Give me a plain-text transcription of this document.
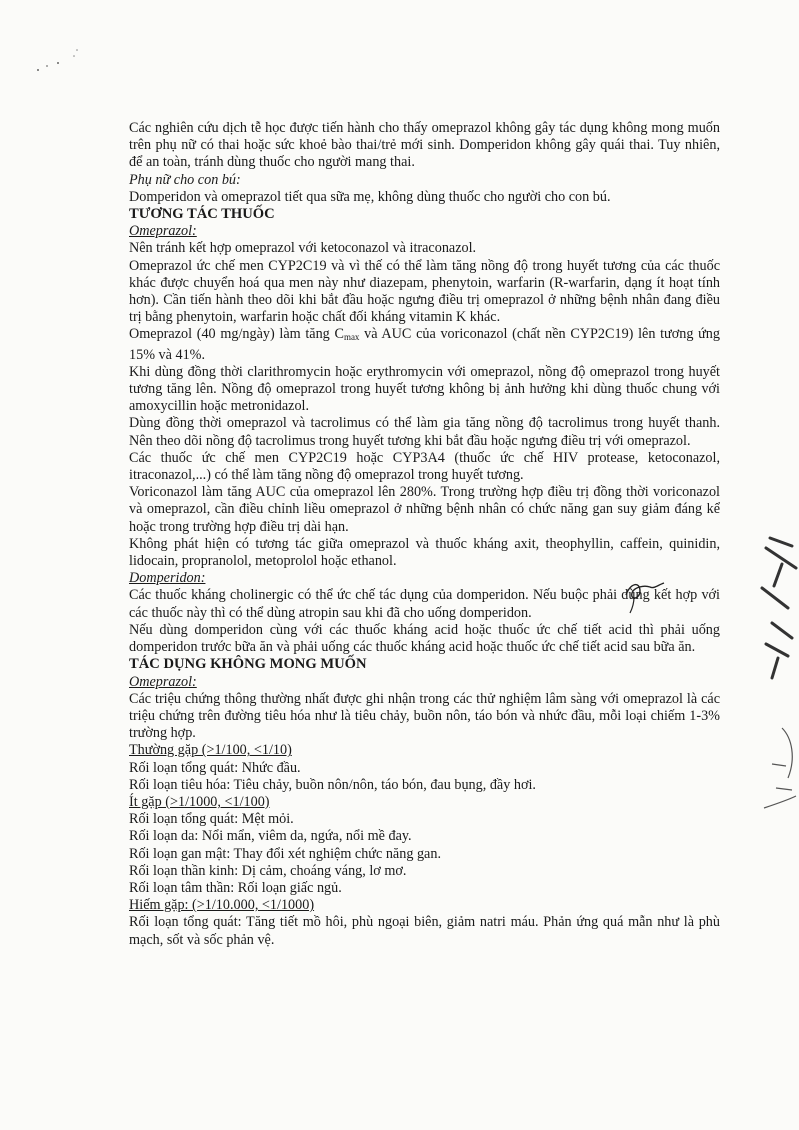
Các nghiên cứu dịch tễ học được tiến hành cho thấy omeprazol không gây tác dụng không mong muốn trên phụ nữ có thai hoặc sức khoẻ bào thai/trẻ mới sinh. Domperidon không gây quái thai. Tuy nhiên, để an toàn, tránh dùng thuốc cho người mang thai.

Phụ nữ cho con bú:

Domperidon và omeprazol tiết qua sữa mẹ, không dùng thuốc cho người cho con bú.

TƯƠNG TÁC THUỐC

Omeprazol:

Nên tránh kết hợp omeprazol với ketoconazol và itraconazol.

Omeprazol ức chế men CYP2C19 và vì thế có thể làm tăng nồng độ trong huyết tương của các thuốc khác được chuyển hoá qua men này như diazepam, phenytoin, warfarin (R-warfarin, dạng ít hoạt tính hơn). Cần tiến hành theo dõi khi bắt đầu hoặc ngưng điều trị omeprazol ở những bệnh nhân đang điều trị bằng phenytoin, warfarin hoặc chất đối kháng vitamin K khác.

Omeprazol (40 mg/ngày) làm tăng Cmax và AUC của voriconazol (chất nền CYP2C19) lên tương ứng 15% và 41%.

Khi dùng đồng thời clarithromycin hoặc erythromycin với omeprazol, nồng độ omeprazol trong huyết tương tăng lên. Nồng độ omeprazol trong huyết tương không bị ảnh hưởng khi dùng thuốc chung với amoxycillin hoặc metronidazol.

Dùng đồng thời omeprazol và tacrolimus có thể làm gia tăng nồng độ tacrolimus trong huyết thanh. Nên theo dõi nồng độ tacrolimus trong huyết tương khi bắt đầu hoặc ngưng điều trị với omeprazol.

Các thuốc ức chế men CYP2C19 hoặc CYP3A4 (thuốc ức chế HIV protease, ketoconazol, itraconazol,...) có thể làm tăng nồng độ omeprazol trong huyết tương.

Voriconazol làm tăng AUC của omeprazol lên 280%. Trong trường hợp điều trị đồng thời voriconazol và omeprazol, cần điều chỉnh liều omeprazol ở những bệnh nhân có chức năng gan suy giảm đáng kể hoặc trong trường hợp điều trị dài hạn.

Không phát hiện có tương tác giữa omeprazol và thuốc kháng axit, theophyllin, caffein, quinidin, lidocain, propranolol, metoprolol hoặc ethanol.

Domperidon:

Các thuốc kháng cholinergic có thể ức chế tác dụng của domperidon. Nếu buộc phải dùng kết hợp với các thuốc này thì có thể dùng atropin sau khi đã cho uống domperidon.

Nếu dùng domperidon cùng với các thuốc kháng acid hoặc thuốc ức chế tiết acid thì phải uống domperidon trước bữa ăn và phải uống các thuốc kháng acid hoặc thuốc ức chế tiết acid sau bữa ăn.

TÁC DỤNG KHÔNG MONG MUỐN

Omeprazol:

Các triệu chứng thông thường nhất được ghi nhận trong các thử nghiệm lâm sàng với omeprazol là các triệu chứng trên đường tiêu hóa như là tiêu chảy, buồn nôn, táo bón và nhức đầu, mỗi loại chiếm 1-3% trường hợp.

Thường gặp (>1/100, <1/10)

Rối loạn tổng quát: Nhức đầu.

Rối loạn tiêu hóa: Tiêu chảy, buồn nôn/nôn, táo bón, đau bụng, đầy hơi.

Ít gặp (>1/1000, <1/100)

Rối loạn tổng quát: Mệt mỏi.

Rối loạn da: Nổi mẩn, viêm da, ngứa, nổi mề đay.

Rối loạn gan mật: Thay đổi xét nghiệm chức năng gan.

Rối loạn thần kinh: Dị cảm, choáng váng, lơ mơ.

Rối loạn tâm thần: Rối loạn giấc ngủ.

Hiếm gặp: (>1/10.000, <1/1000)

Rối loạn tổng quát: Tăng tiết mồ hôi, phù ngoại biên, giảm natri máu. Phản ứng quá mẫn như là phù mạch, sốt và sốc phản vệ.
